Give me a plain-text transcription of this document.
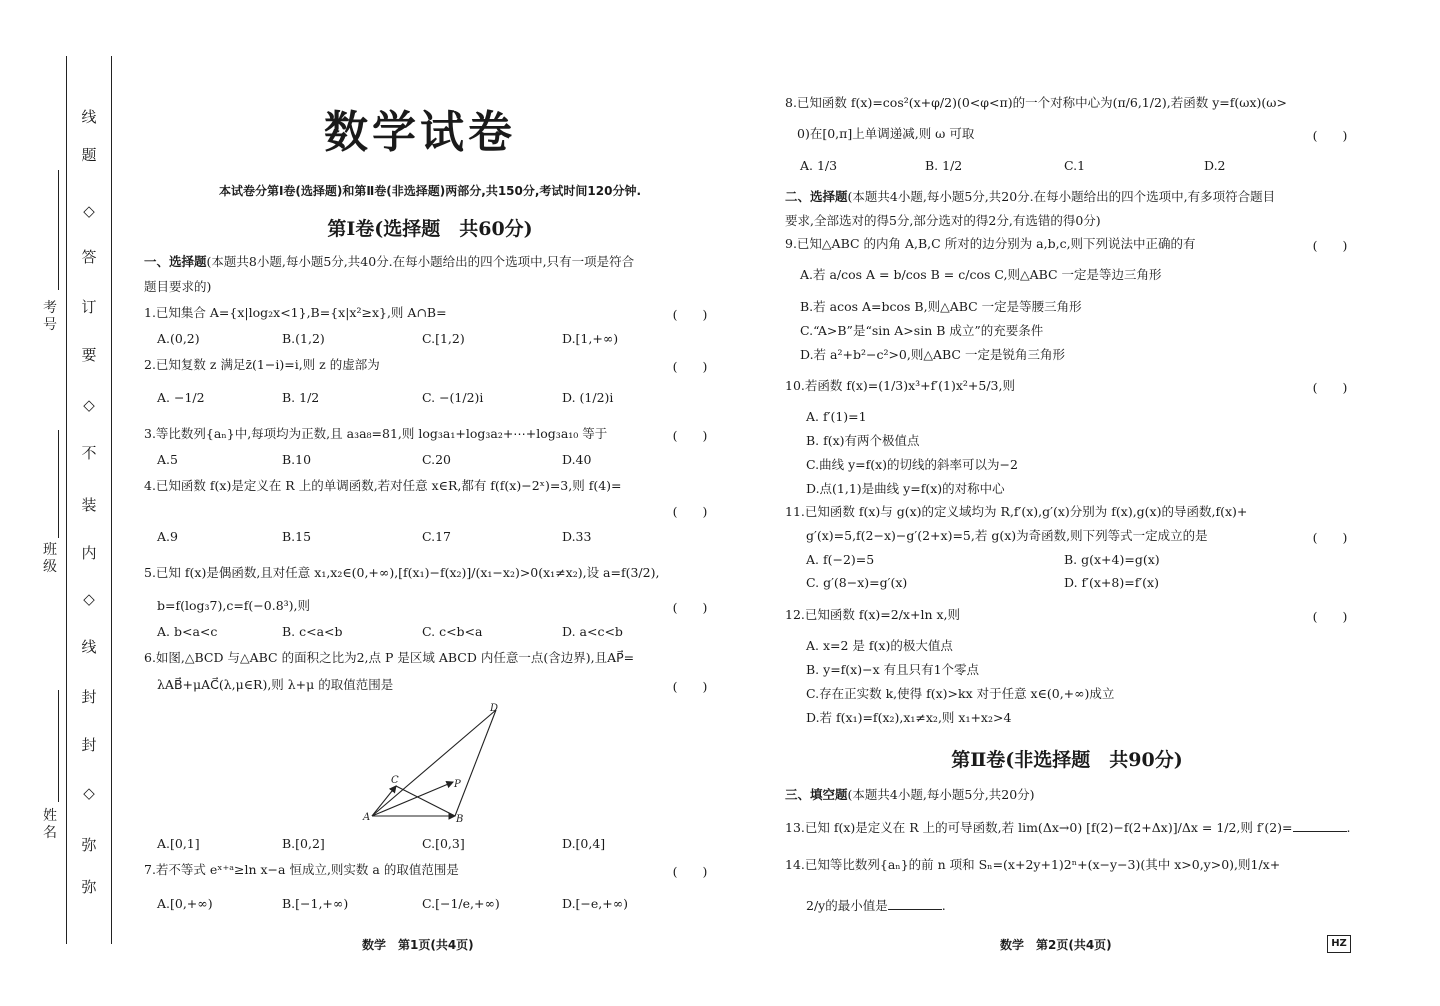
线
题
答
订
要
不
装
内
线
封
封
弥
弥
◇
◇
◇
◇
考
号
班
级
姓
名
数学试卷
本试卷分第Ⅰ卷(选择题)和第Ⅱ卷(非选择题)两部分,共150分,考试时间120分钟.
第Ⅰ卷(选择题　共60分)
一、选择题(本题共8小题,每小题5分,共40分.在每小题给出的四个选项中,只有一项是符合
题目要求的)
1.已知集合 A={x|log₂x<1},B={x|x²≥x},则 A∩B=	(　　)
A.(0,2)	B.(1,2)	C.[1,2)	D.[1,+∞)
2.已知复数 z 满足z̄(1−i)=i,则 z 的虚部为	(　　)
A. −1/2	B. 1/2	C. −(1/2)i	D. (1/2)i
3.等比数列{aₙ}中,每项均为正数,且 a₃a₈=81,则 log₃a₁+log₃a₂+⋯+log₃a₁₀ 等于	(　　)
A.5	B.10	C.20	D.40
4.已知函数 f(x)是定义在 R 上的单调函数,若对任意 x∈R,都有 f(f(x)−2ˣ)=3,则 f(4)=
(　　)
A.9	B.15	C.17	D.33
5.已知 f(x)是偶函数,且对任意 x₁,x₂∈(0,+∞),[f(x₁)−f(x₂)]/(x₁−x₂)>0(x₁≠x₂),设 a=f(3/2),
b=f(log₃7),c=f(−0.8³),则	(　　)
A. b<a<c	B. c<a<b	C. c<b<a	D. a<c<b
6.如图,△BCD 与△ABC 的面积之比为2,点 P 是区域 ABCD 内任意一点(含边界),且AP⃗=
λAB⃗+μAC⃗(λ,μ∈R),则 λ+μ 的取值范围是	(　　)
D
C	P
A	B
A.[0,1]	B.[0,2]	C.[0,3]	D.[0,4]
7.若不等式 eˣ⁺ᵃ≥ln x−a 恒成立,则实数 a 的取值范围是	(　　)
A.[0,+∞)	B.[−1,+∞)	C.[−1/e,+∞)	D.[−e,+∞)
数学　第1页(共4页)
8.已知函数 f(x)=cos²(x+φ/2)(0<φ<π)的一个对称中心为(π/6,1/2),若函数 y=f(ωx)(ω>
0)在[0,π]上单调递减,则 ω 可取	(　　)
A. 1/3	B. 1/2	C.1	D.2
二、选择题(本题共4小题,每小题5分,共20分.在每小题给出的四个选项中,有多项符合题目
要求,全部选对的得5分,部分选对的得2分,有选错的得0分)
9.已知△ABC 的内角 A,B,C 所对的边分别为 a,b,c,则下列说法中正确的有	(　　)
A.若 a/cos A = b/cos B = c/cos C,则△ABC 一定是等边三角形
B.若 acos A=bcos B,则△ABC 一定是等腰三角形
C.“A>B”是“sin A>sin B 成立”的充要条件
D.若 a²+b²−c²>0,则△ABC 一定是锐角三角形
10.若函数 f(x)=(1/3)x³+f′(1)x²+5/3,则	(　　)
A. f′(1)=1
B. f(x)有两个极值点
C.曲线 y=f(x)的切线的斜率可以为−2
D.点(1,1)是曲线 y=f(x)的对称中心
11.已知函数 f(x)与 g(x)的定义域均为 R,f′(x),g′(x)分别为 f(x),g(x)的导函数,f(x)+
g′(x)=5,f(2−x)−g′(2+x)=5,若 g(x)为奇函数,则下列等式一定成立的是	(　　)
A. f(−2)=5	B. g(x+4)=g(x)
C. g′(8−x)=g′(x)	D. f′(x+8)=f′(x)
12.已知函数 f(x)=2/x+ln x,则	(　　)
A. x=2 是 f(x)的极大值点
B. y=f(x)−x 有且只有1个零点
C.存在正实数 k,使得 f(x)>kx 对于任意 x∈(0,+∞)成立
D.若 f(x₁)=f(x₂),x₁≠x₂,则 x₁+x₂>4
第Ⅱ卷(非选择题　共90分)
三、填空题(本题共4小题,每小题5分,共20分)
13.已知 f(x)是定义在 R 上的可导函数,若 lim(Δx→0) [f(2)−f(2+Δx)]/Δx = 1/2,则 f′(2)=	.
14.已知等比数列{aₙ}的前 n 项和 Sₙ=(x+2y+1)2ⁿ+(x−y−3)(其中 x>0,y>0),则1/x+
2/y的最小值是	.
数学　第2页(共4页)	HZ
